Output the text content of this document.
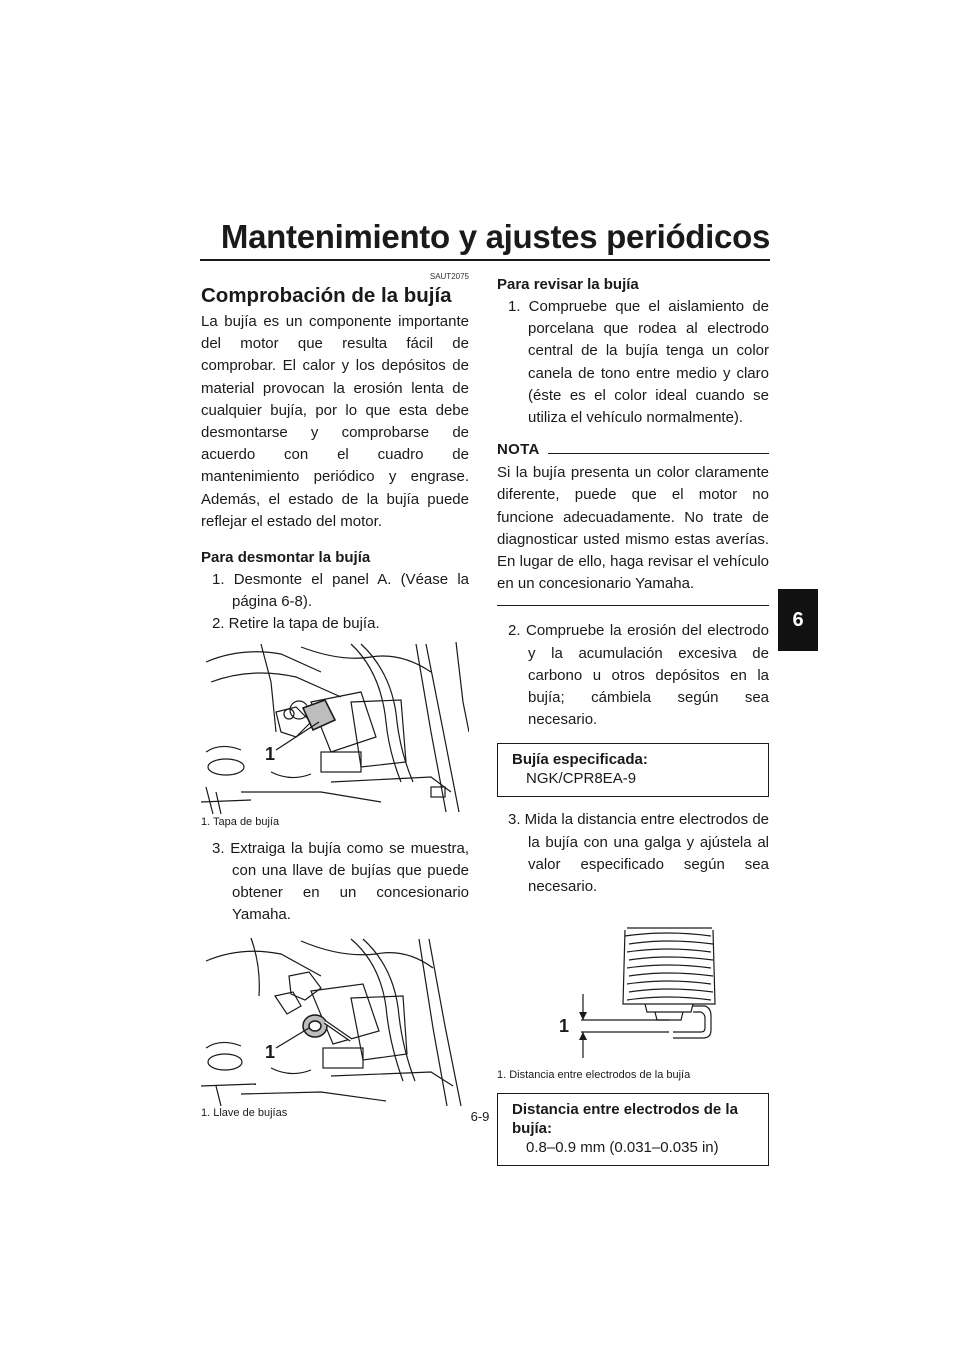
Mantenimiento y ajustes periódicos
6
SAUT2075
Comprobación de la bujía

La bujía es un componente importante del motor que resulta fácil de comprobar. El calor y los depósitos de material provocan la erosión lenta de cualquier bujía, por lo que esta debe desmontarse y comprobarse de acuerdo con el cuadro de mantenimiento periódico y engrase. Además, el estado de la bujía puede reflejar el estado del motor.

Para desmontar la bujía

1. Desmonte el panel A. (Véase la página 6-8).

2. Retire la tapa de bujía.

1

1. Tapa de bujía

3. Extraiga la bujía como se muestra, con una llave de bujías que puede obtener en un concesionario Yamaha.

1

1. Llave de bujías

Para revisar la bujía

1. Compruebe que el aislamiento de porcelana que rodea al electrodo central de la bujía tenga un color canela de tono entre medio y claro (éste es el color ideal cuando se utiliza el vehículo normalmente).

NOTA

Si la bujía presenta un color claramente diferente, puede que el motor no funcione adecuadamente. No trate de diagnosticar usted mismo estas averías. En lugar de ello, haga revisar el vehículo en un concesionario Yamaha.

2. Compruebe la erosión del electrodo y la acumulación excesiva de carbono u otros depósitos en la bujía; cámbiela según sea necesario.

Bujía especificada:
NGK/CPR8EA-9

3. Mida la distancia entre electrodos de la bujía con una galga y ajústela al valor especificado según sea necesario.

1

1. Distancia entre electrodos de la bujía

Distancia entre electrodos de la bujía:
0.8–0.9 mm (0.031–0.035 in)
6-9
